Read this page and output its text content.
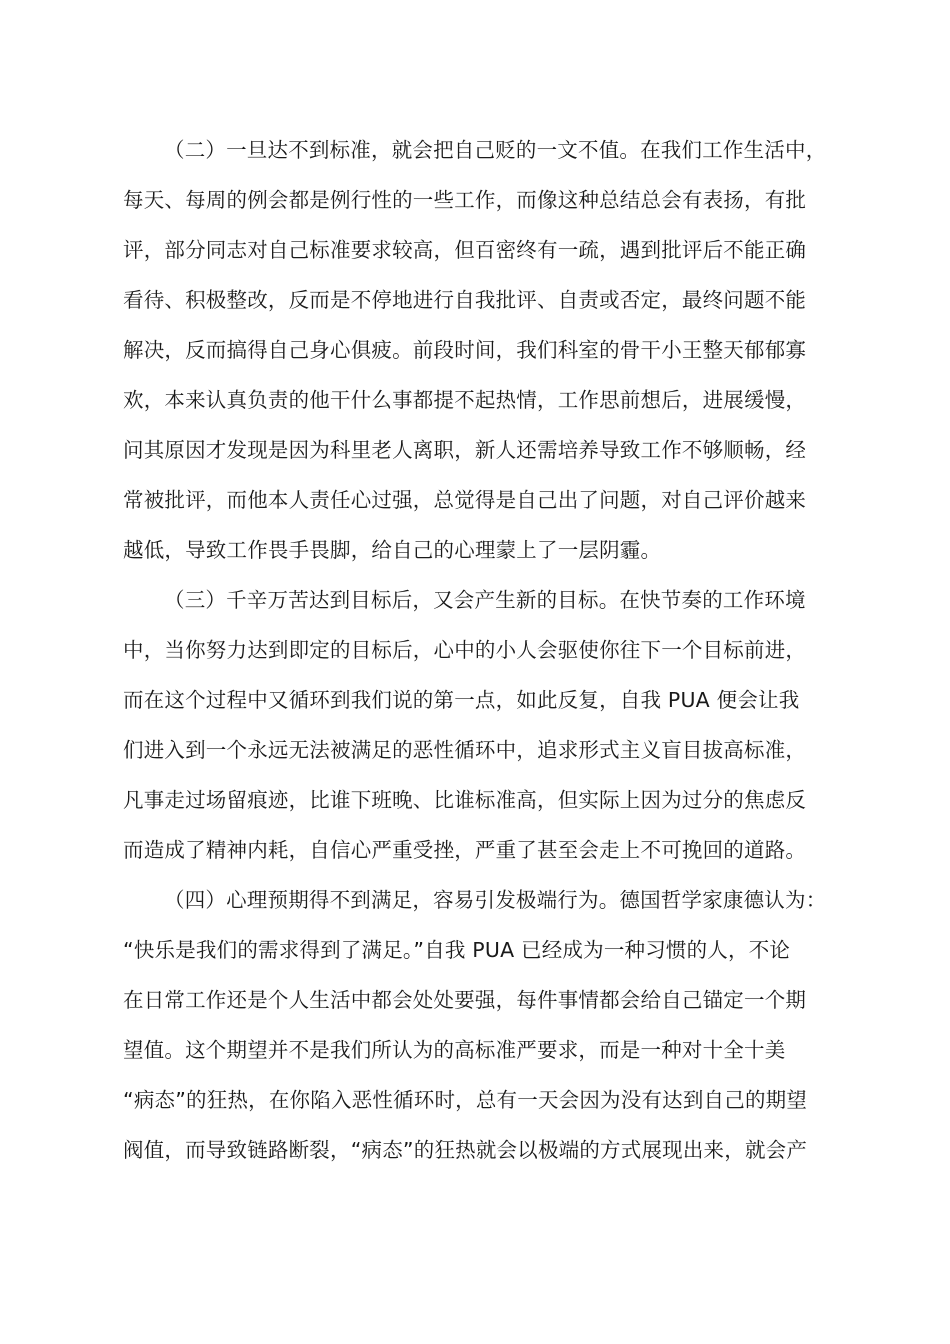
（二）一旦达不到标准，就会把自己贬的一文不值。在我们工作生活中，

每天、每周的例会都是例行性的一些工作，而像这种总结总会有表扬，有批

评，部分同志对自己标准要求较高，但百密终有一疏，遇到批评后不能正确

看待、积极整改，反而是不停地进行自我批评、自责或否定，最终问题不能

解决，反而搞得自己身心俱疲。前段时间，我们科室的骨干小王整天郁郁寡

欢，本来认真负责的他干什么事都提不起热情，工作思前想后，进展缓慢，

问其原因才发现是因为科里老人离职，新人还需培养导致工作不够顺畅，经

常被批评，而他本人责任心过强，总觉得是自己出了问题，对自己评价越来

越低，导致工作畏手畏脚，给自己的心理蒙上了一层阴霾。

（三）千辛万苦达到目标后，又会产生新的目标。在快节奏的工作环境

中，当你努力达到即定的目标后，心中的小人会驱使你往下一个目标前进，

而在这个过程中又循环到我们说的第一点，如此反复，自我 PUA 便会让我

们进入到一个永远无法被满足的恶性循环中，追求形式主义盲目拔高标准，

凡事走过场留痕迹，比谁下班晚、比谁标准高，但实际上因为过分的焦虑反

而造成了精神内耗，自信心严重受挫，严重了甚至会走上不可挽回的道路。

（四）心理预期得不到满足，容易引发极端行为。德国哲学家康德认为：

“快乐是我们的需求得到了满足。”自我 PUA 已经成为一种习惯的人，不论

在日常工作还是个人生活中都会处处要强，每件事情都会给自己锚定一个期

望值。这个期望并不是我们所认为的高标准严要求，而是一种对十全十美

“病态”的狂热，在你陷入恶性循环时，总有一天会因为没有达到自己的期望

阀值，而导致链路断裂，“病态”的狂热就会以极端的方式展现出来，就会产
